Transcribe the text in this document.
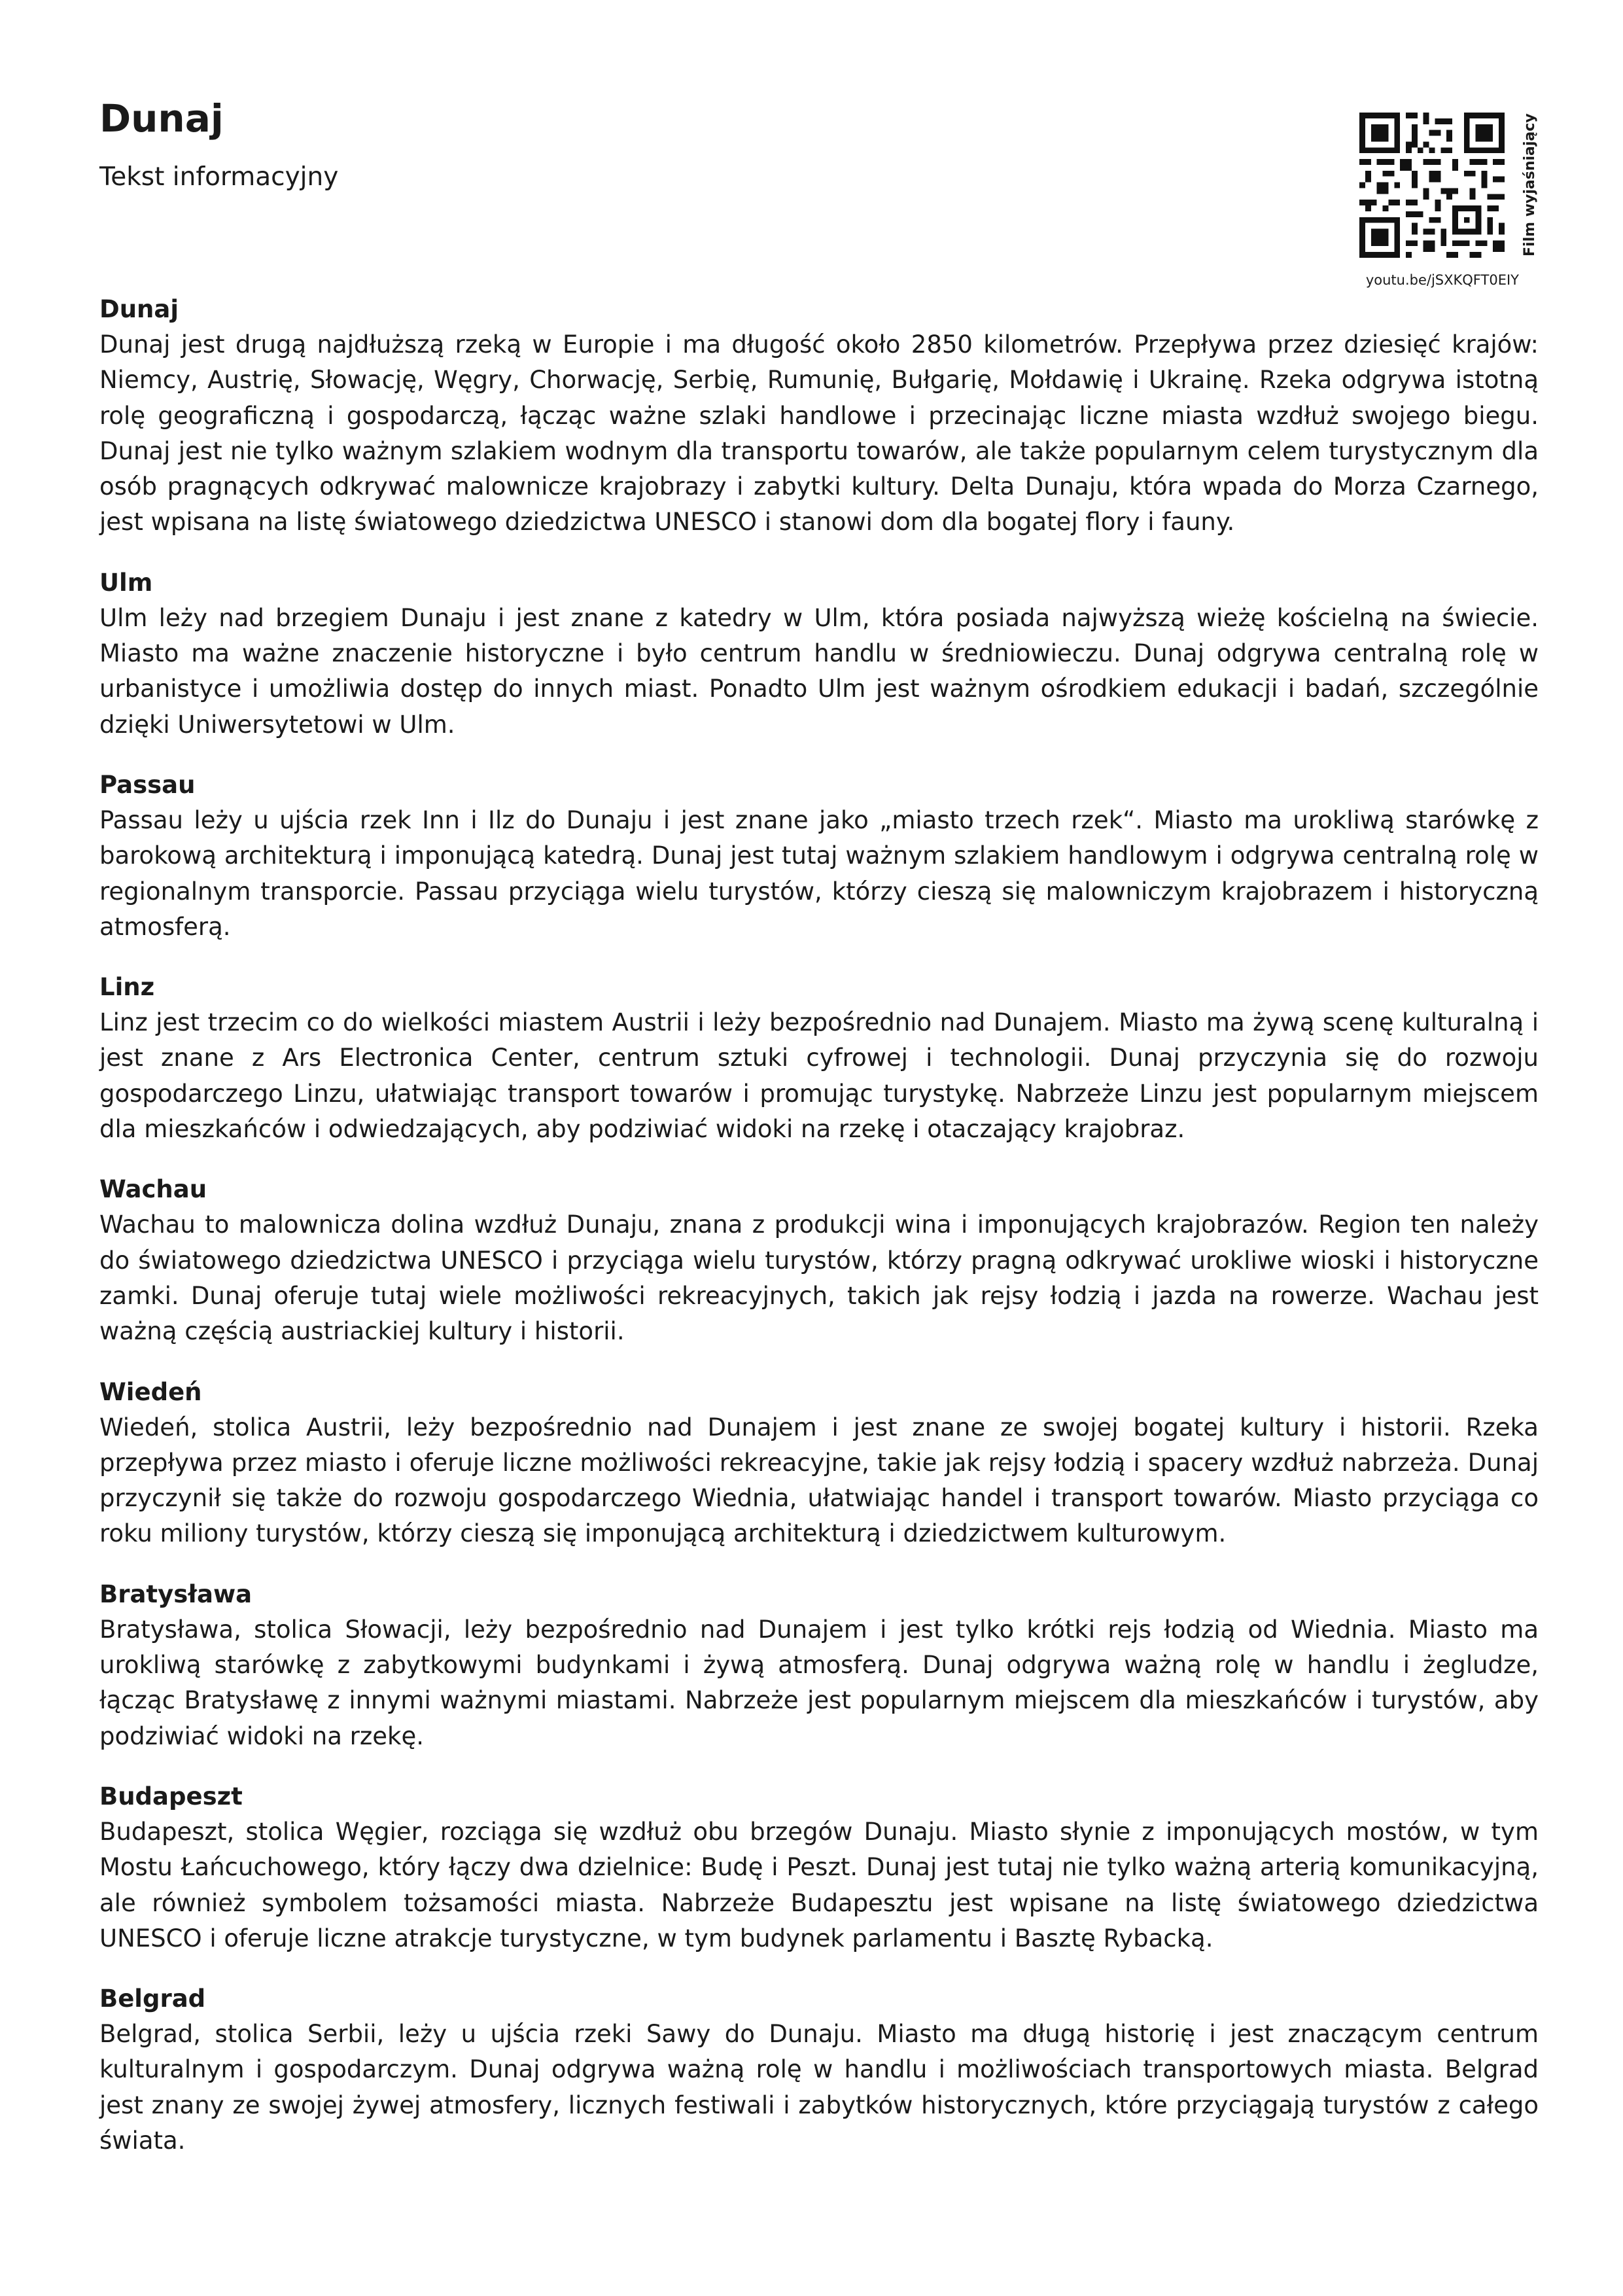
Dunaj

Tekst informacyjny	Film wyjaśniający
youtu.be/jSXKQFT0EIY
Dunaj

Dunaj jest drugą najdłuższą rzeką w Europie i ma długość około 2850 kilometrów. Przepływa przez dziesięć krajów: Niemcy, Austrię, Słowację, Węgry, Chorwację, Serbię, Rumunię, Bułgarię, Mołdawię i Ukrainę. Rzeka odgrywa istotną rolę geograficzną i gospodarczą, łącząc ważne szlaki handlowe i przecinając liczne miasta wzdłuż swojego biegu. Dunaj jest nie tylko ważnym szlakiem wodnym dla transportu towarów, ale także popularnym celem turystycznym dla osób pragnących odkrywać malownicze krajobrazy i zabytki kultury. Delta Dunaju, która wpada do Morza Czarnego, jest wpisana na listę światowego dziedzictwa UNESCO i stanowi dom dla bogatej flory i fauny.

Ulm

Ulm leży nad brzegiem Dunaju i jest znane z katedry w Ulm, która posiada najwyższą wieżę kościelną na świecie. Miasto ma ważne znaczenie historyczne i było centrum handlu w średniowieczu. Dunaj odgrywa centralną rolę w urbanistyce i umożliwia dostęp do innych miast. Ponadto Ulm jest ważnym ośrodkiem edukacji i badań, szczególnie dzięki Uniwersytetowi w Ulm.

Passau

Passau leży u ujścia rzek Inn i Ilz do Dunaju i jest znane jako „miasto trzech rzek“. Miasto ma urokliwą starówkę z barokową architekturą i imponującą katedrą. Dunaj jest tutaj ważnym szlakiem handlowym i odgrywa centralną rolę w regionalnym transporcie. Passau przyciąga wielu turystów, którzy cieszą się malowniczym krajobrazem i historyczną atmosferą.

Linz

Linz jest trzecim co do wielkości miastem Austrii i leży bezpośrednio nad Dunajem. Miasto ma żywą scenę kulturalną i jest znane z Ars Electronica Center, centrum sztuki cyfrowej i technologii. Dunaj przyczynia się do rozwoju gospodarczego Linzu, ułatwiając transport towarów i promując turystykę. Nabrzeże Linzu jest popularnym miejscem dla mieszkańców i odwiedzających, aby podziwiać widoki na rzekę i otaczający krajobraz.

Wachau

Wachau to malownicza dolina wzdłuż Dunaju, znana z produkcji wina i imponujących krajobrazów. Region ten należy do światowego dziedzictwa UNESCO i przyciąga wielu turystów, którzy pragną odkrywać urokliwe wioski i historyczne zamki. Dunaj oferuje tutaj wiele możliwości rekreacyjnych, takich jak rejsy łodzią i jazda na rowerze. Wachau jest ważną częścią austriackiej kultury i historii.

Wiedeń

Wiedeń, stolica Austrii, leży bezpośrednio nad Dunajem i jest znane ze swojej bogatej kultury i historii. Rzeka przepływa przez miasto i oferuje liczne możliwości rekreacyjne, takie jak rejsy łodzią i spacery wzdłuż nabrzeża. Dunaj przyczynił się także do rozwoju gospodarczego Wiednia, ułatwiając handel i transport towarów. Miasto przyciąga co roku miliony turystów, którzy cieszą się imponującą architekturą i dziedzictwem kulturowym.

Bratysława

Bratysława, stolica Słowacji, leży bezpośrednio nad Dunajem i jest tylko krótki rejs łodzią od Wiednia. Miasto ma urokliwą starówkę z zabytkowymi budynkami i żywą atmosferą. Dunaj odgrywa ważną rolę w handlu i żegludze, łącząc Bratysławę z innymi ważnymi miastami. Nabrzeże jest popularnym miejscem dla mieszkańców i turystów, aby podziwiać widoki na rzekę.

Budapeszt

Budapeszt, stolica Węgier, rozciąga się wzdłuż obu brzegów Dunaju. Miasto słynie z imponujących mostów, w tym Mostu Łańcuchowego, który łączy dwa dzielnice: Budę i Peszt. Dunaj jest tutaj nie tylko ważną arterią komunikacyjną, ale również symbolem tożsamości miasta. Nabrzeże Budapesztu jest wpisane na listę światowego dziedzictwa UNESCO i oferuje liczne atrakcje turystyczne, w tym budynek parlamentu i Basztę Rybacką.

Belgrad

Belgrad, stolica Serbii, leży u ujścia rzeki Sawy do Dunaju. Miasto ma długą historię i jest znaczącym centrum kulturalnym i gospodarczym. Dunaj odgrywa ważną rolę w handlu i możliwościach transportowych miasta. Belgrad jest znany ze swojej żywej atmosfery, licznych festiwali i zabytków historycznych, które przyciągają turystów z całego świata.
